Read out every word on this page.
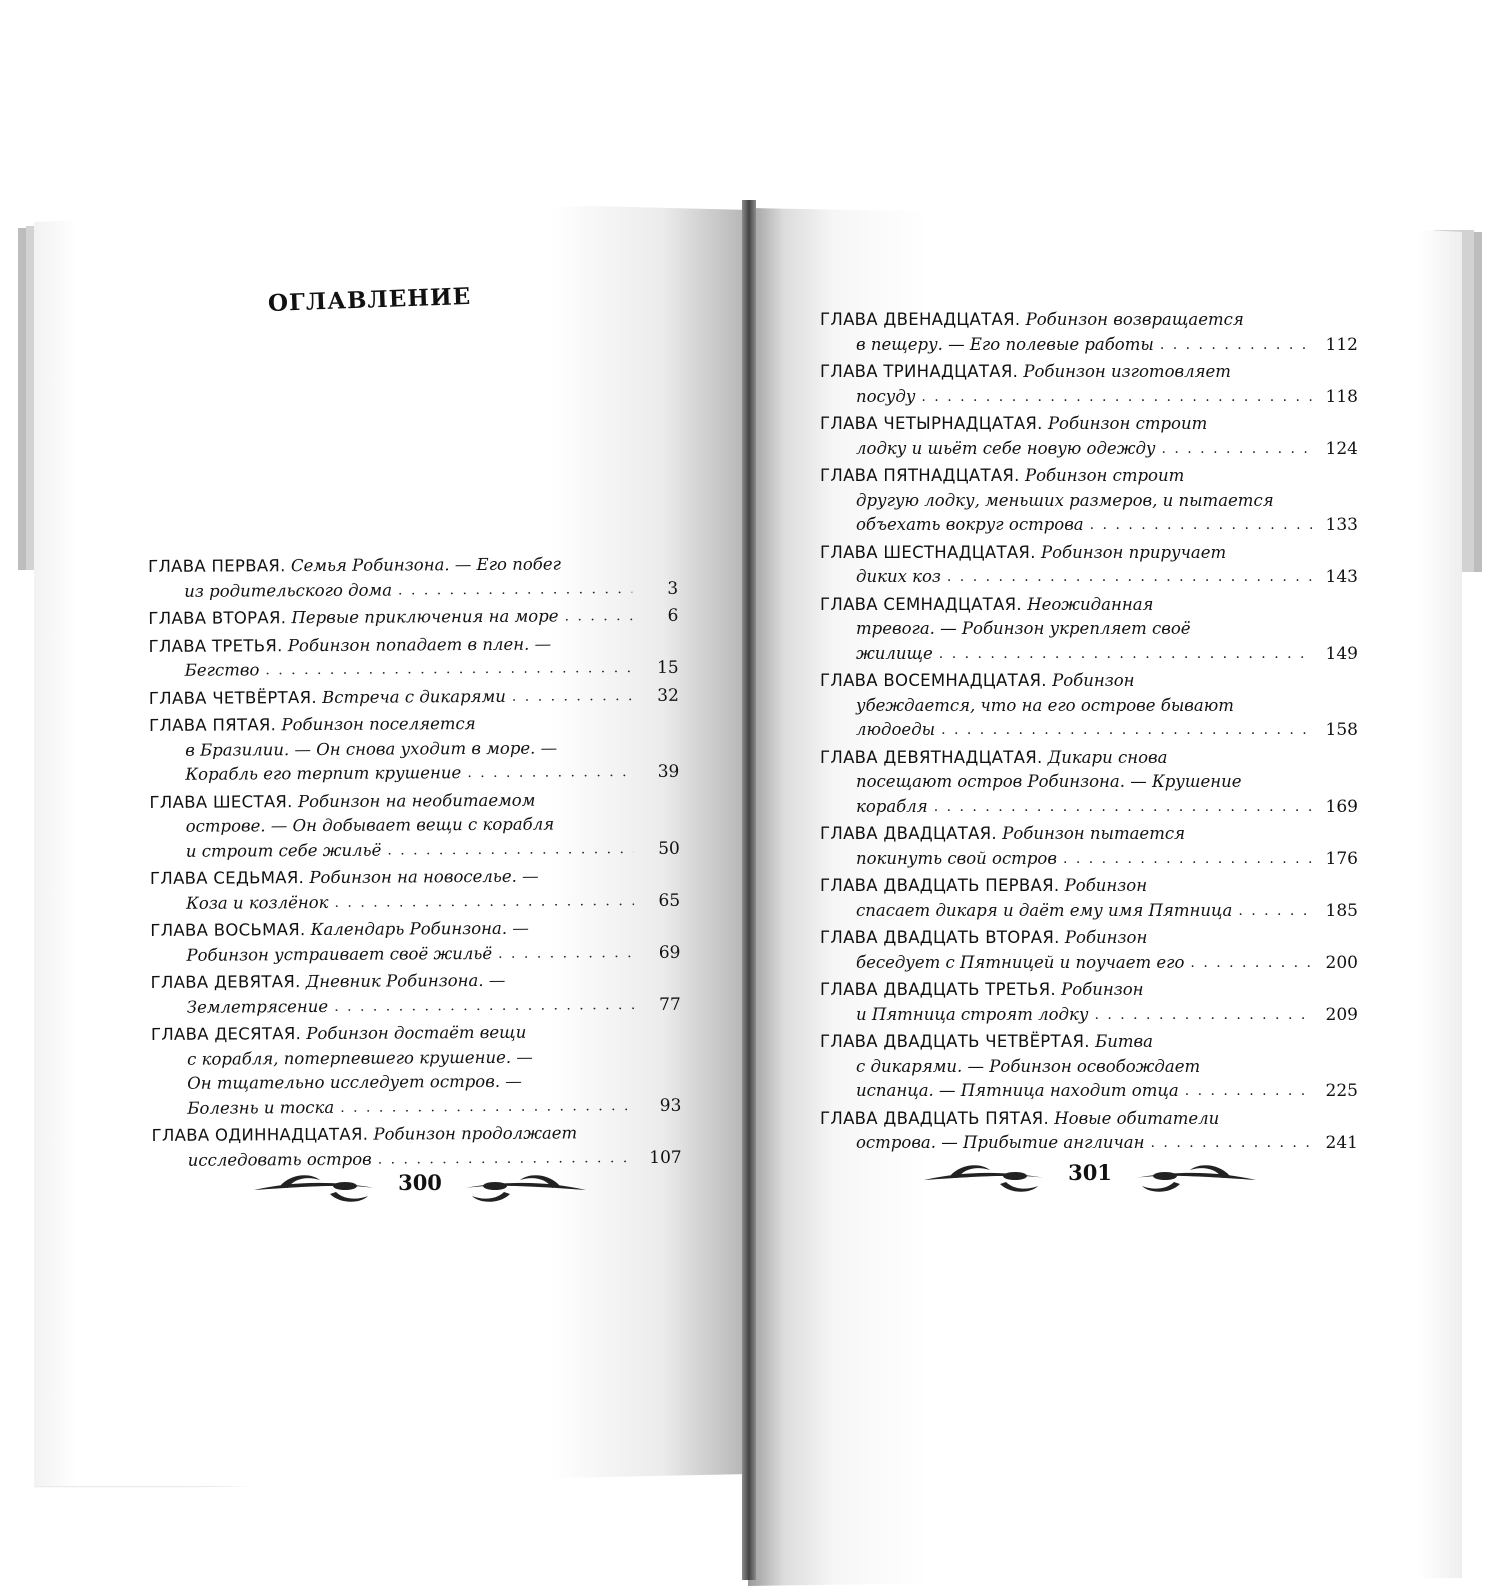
ОГЛАВЛЕНИЕ
ГЛАВА ПЕРВАЯ. Семья Робинзона. — Его побег
из родительского дома . . .	3
ГЛАВА ВТОРАЯ. Первые приключения на море . . .	6
ГЛАВА ТРЕТЬЯ. Робинзон попадает в плен. —
Бегство . . .	15
ГЛАВА ЧЕТВЁРТАЯ. Встреча с дикарями . . .	32
ГЛАВА ПЯТАЯ. Робинзон поселяется
в Бразилии. — Он снова уходит в море. —
Корабль его терпит крушение . . .	39
ГЛАВА ШЕСТАЯ. Робинзон на необитаемом
острове. — Он добывает вещи с корабля
и строит себе жильё . . .	50
ГЛАВА СЕДЬМАЯ. Робинзон на новоселье. —
Коза и козлёнок . . .	65
ГЛАВА ВОСЬМАЯ. Календарь Робинзона. —
Робинзон устраивает своё жильё . . .	69
ГЛАВА ДЕВЯТАЯ. Дневник Робинзона. —
Землетрясение . . .	77
ГЛАВА ДЕСЯТАЯ. Робинзон достаёт вещи
с корабля, потерпевшего крушение. —
Он тщательно исследует остров. —
Болезнь и тоска . . .	93
ГЛАВА ОДИННАДЦАТАЯ. Робинзон продолжает
исследовать остров . . .	107
ГЛАВА ДВЕНАДЦАТАЯ. Робинзон возвращается
в пещеру. — Его полевые работы . . .	112
ГЛАВА ТРИНАДЦАТАЯ. Робинзон изготовляет
посуду . . .	118
ГЛАВА ЧЕТЫРНАДЦАТАЯ. Робинзон строит
лодку и шьёт себе новую одежду . . .	124
ГЛАВА ПЯТНАДЦАТАЯ. Робинзон строит
другую лодку, меньших размеров, и пытается
объехать вокруг острова . . .	133
ГЛАВА ШЕСТНАДЦАТАЯ. Робинзон приручает
диких коз . . .	143
ГЛАВА СЕМНАДЦАТАЯ. Неожиданная
тревога. — Робинзон укрепляет своё
жилище . . .	149
ГЛАВА ВОСЕМНАДЦАТАЯ. Робинзон
убеждается, что на его острове бывают
людоеды . . .	158
ГЛАВА ДЕВЯТНАДЦАТАЯ. Дикари снова
посещают остров Робинзона. — Крушение
корабля . . .	169
ГЛАВА ДВАДЦАТАЯ. Робинзон пытается
покинуть свой остров . . .	176
ГЛАВА ДВАДЦАТЬ ПЕРВАЯ. Робинзон
спасает дикаря и даёт ему имя Пятница . . .	185
ГЛАВА ДВАДЦАТЬ ВТОРАЯ. Робинзон
беседует с Пятницей и поучает его . . .	200
ГЛАВА ДВАДЦАТЬ ТРЕТЬЯ. Робинзон
и Пятница строят лодку . . .	209
ГЛАВА ДВАДЦАТЬ ЧЕТВЁРТАЯ. Битва
с дикарями. — Робинзон освобождает
испанца. — Пятница находит отца . . .	225
ГЛАВА ДВАДЦАТЬ ПЯТАЯ. Новые обитатели
острова. — Прибытие англичан . . .	241
300	301
